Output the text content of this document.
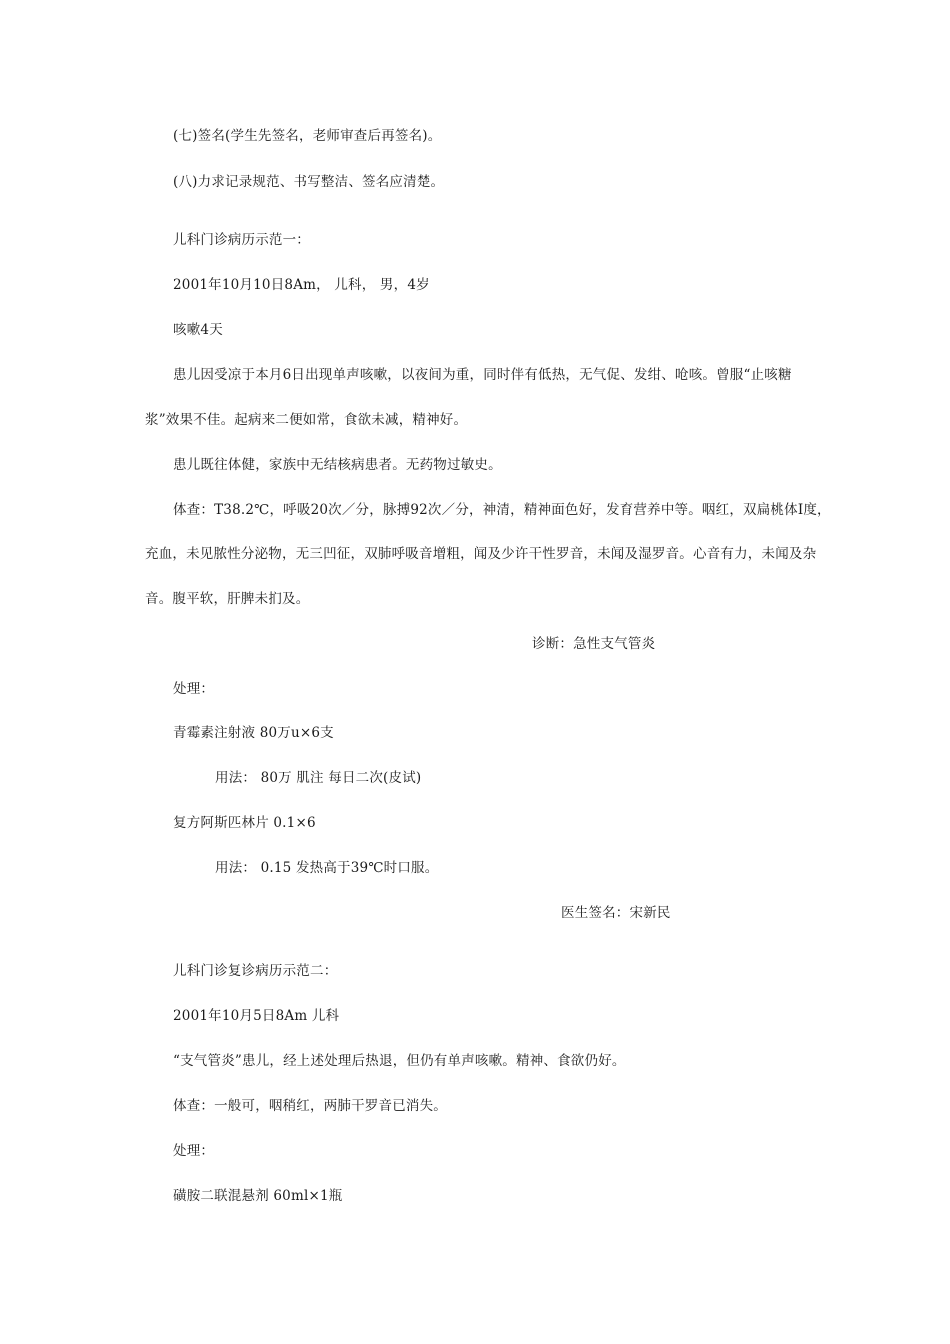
(七)签名(学生先签名，老师审查后再签名)。
(八)力求记录规范、书写整洁、签名应清楚。
儿科门诊病历示范一：
2001年10月10日8Am， 儿科， 男，4岁
咳嗽4天
患儿因受凉于本月6日出现单声咳嗽，以夜间为重，同时伴有低热，无气促、发绀、呛咳。曾服“止咳糖
浆”效果不佳。起病来二便如常，食欲未减，精神好。
患儿既往体健，家族中无结核病患者。无药物过敏史。
体查：T38.2℃，呼吸20次／分，脉搏92次／分，神清，精神面色好，发育营养中等。咽红，双扁桃体Ⅰ度，
充血，未见脓性分泌物，无三凹征，双肺呼吸音增粗，闻及少许干性罗音，未闻及湿罗音。心音有力，未闻及杂
音。腹平软，肝脾未扪及。
诊断：急性支气管炎
处理：
青霉素注射液 80万u×6支
用法： 80万 肌注 每日二次(皮试)
复方阿斯匹林片 0.1×6
用法： 0.15 发热高于39℃时口服。
医生签名：宋新民
儿科门诊复诊病历示范二：
2001年10月5日8Am 儿科
“支气管炎”患儿，经上述处理后热退，但仍有单声咳嗽。精神、食欲仍好。
体查：一般可，咽稍红，两肺干罗音已消失。
处理：
磺胺二联混悬剂 60ml×1瓶
